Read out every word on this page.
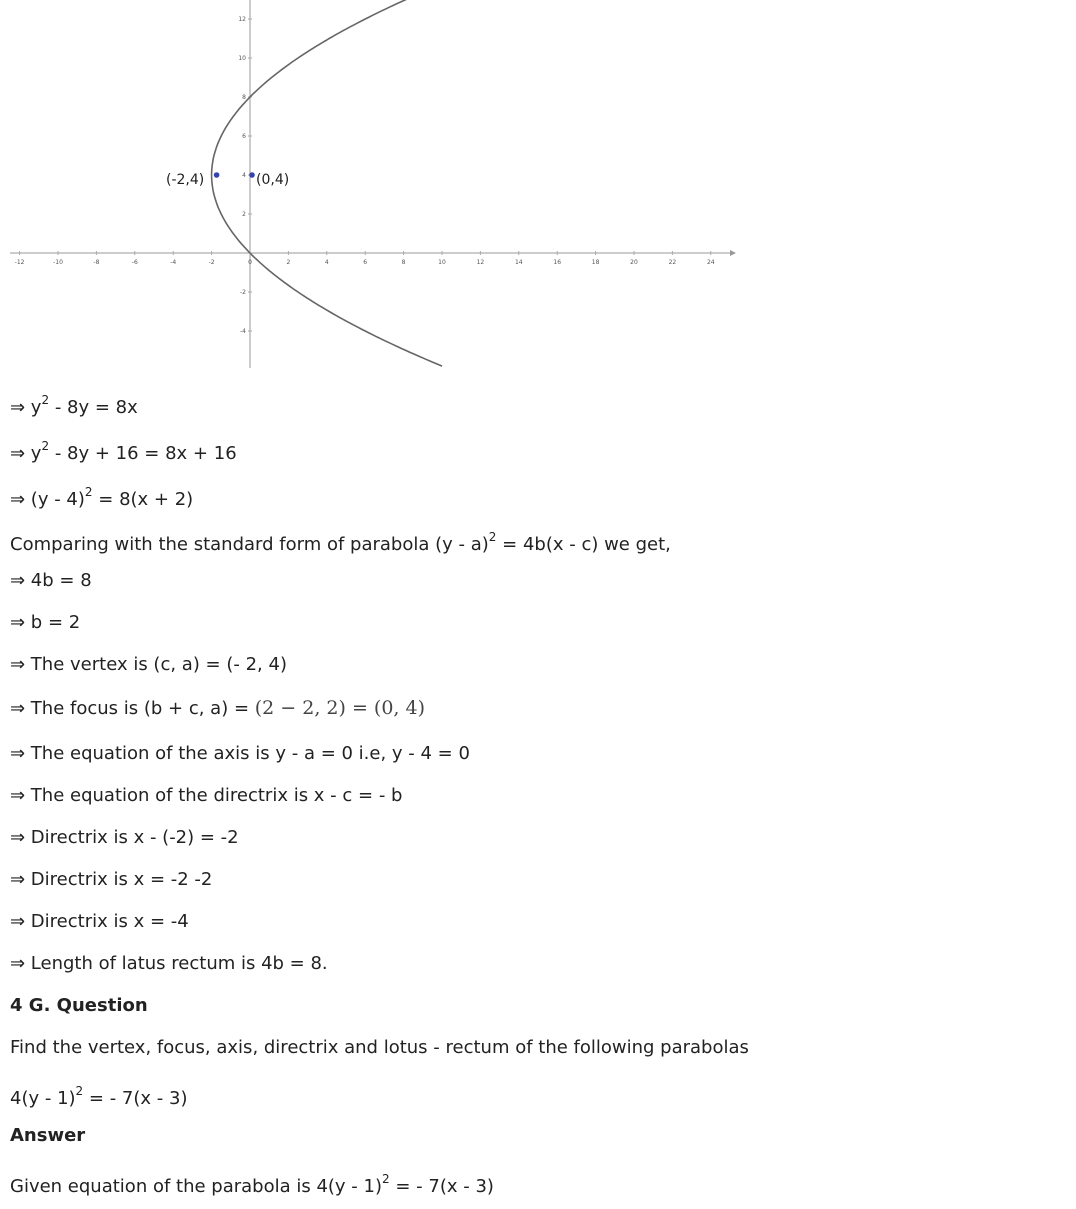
-12	-10	-8	-6	-4	-2	0	2	4	6	8	10	12	14	16	18	20	22	24
12
10
8
6
4
2
-2
-4
(-2,4)	(0,4)
⇒ $y^2 - 8y = 8x$
⇒ $y^2 - 8y + 16 = 8x + 16$
⇒ (y - 4)$^2$ = 8(x + 2)
Comparing with the standard form of parabola (y - a)$^2$ = 4b(x - c) we get,
⇒ 4b = 8
⇒ b = 2
⇒ The vertex is (c, a) = (- 2, 4)
⇒ The focus is (b + c, a) = (2 − 2, 2) = (0, 4)
⇒ The equation of the axis is y - a = 0 i.e, y - 4 = 0
⇒ The equation of the directrix is x - c = - b
⇒ Directrix is x - (-2) = -2
⇒ Directrix is x = -2 -2
⇒ Directrix is x = -4
⇒ Length of latus rectum is 4b = 8.
4 G. Question
Find the vertex, focus, axis, directrix and lotus - rectum of the following parabolas
4(y - 1)$^2$ = - 7(x - 3)
Answer
Given equation of the parabola is 4(y - 1)$^2$ = - 7(x - 3)
